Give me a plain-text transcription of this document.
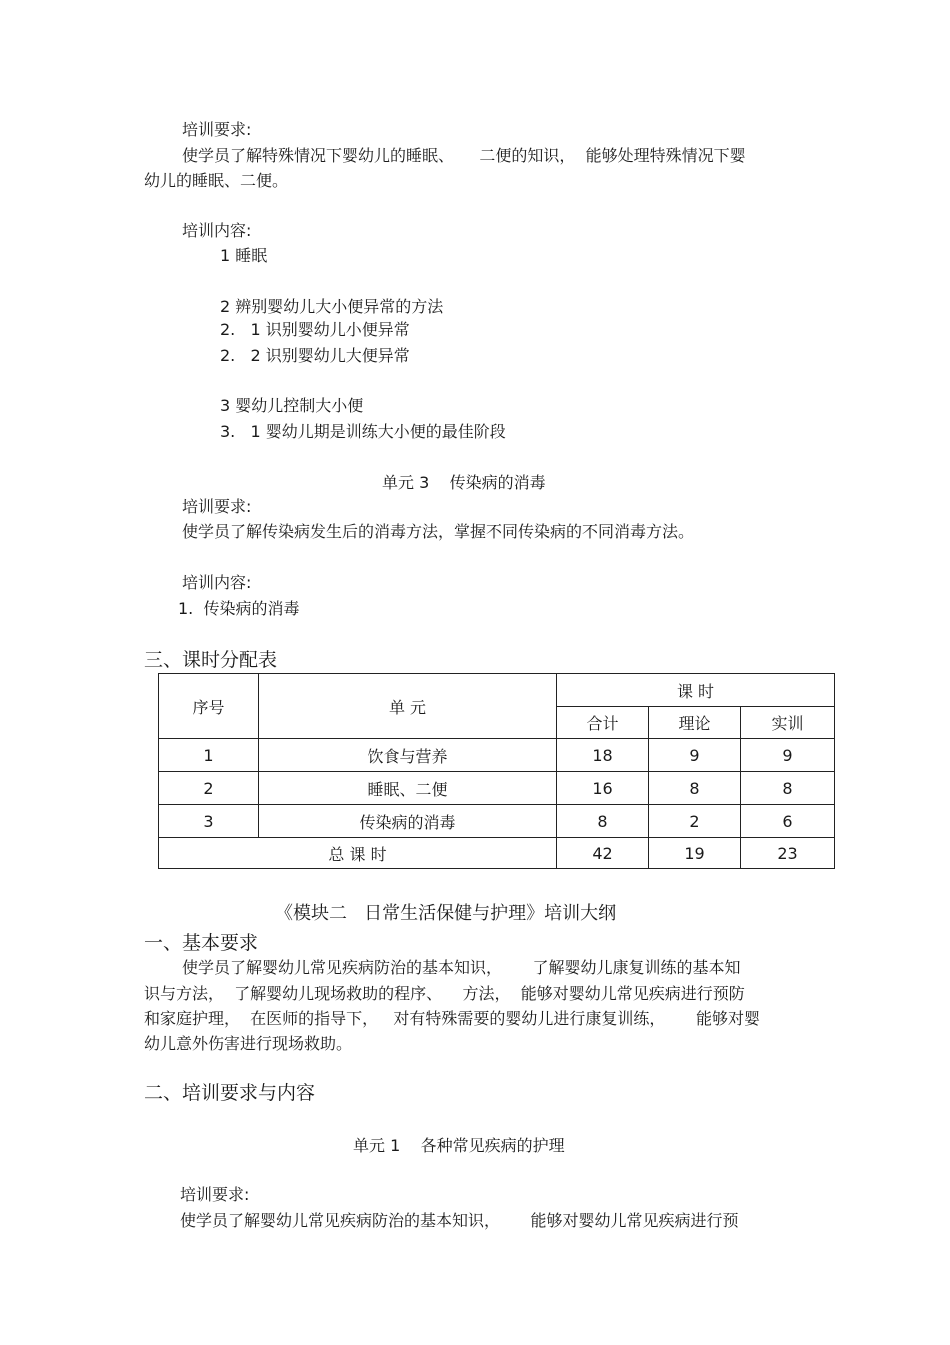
培训要求:
使学员了解特殊情况下婴幼儿的睡眠、     二便的知识，  能够处理特殊情况下婴
幼儿的睡眠、二便。
培训内容:
1 睡眠
2 辨别婴幼儿大小便异常的方法
2.   1 识别婴幼儿小便异常
2.   2 识别婴幼儿大便异常
3 婴幼儿控制大小便
3.   1 婴幼儿期是训练大小便的最佳阶段
单元 3    传染病的消毒
培训要求:
使学员了解传染病发生后的消毒方法，掌握不同传染病的不同消毒方法。
培训内容:
1.  传染病的消毒
三、课时分配表
序号	单 元	课 时		
		合计	理论	实训
1	饮食与营养	18	9	9
2	睡眠、二便	16	8	8
3	传染病的消毒	8	2	6
总 课 时		42	19	23
《模块二   日常生活保健与护理》培训大纲
一、基本要求
使学员了解婴幼儿常见疾病防治的基本知识，      了解婴幼儿康复训练的基本知
识与方法，  了解婴幼儿现场救助的程序、    方法，  能够对婴幼儿常见疾病进行预防
和家庭护理，  在医师的指导下，   对有特殊需要的婴幼儿进行康复训练，      能够对婴
幼儿意外伤害进行现场救助。
二、培训要求与内容
单元 1    各种常见疾病的护理
培训要求:
使学员了解婴幼儿常见疾病防治的基本知识，      能够对婴幼儿常见疾病进行预
